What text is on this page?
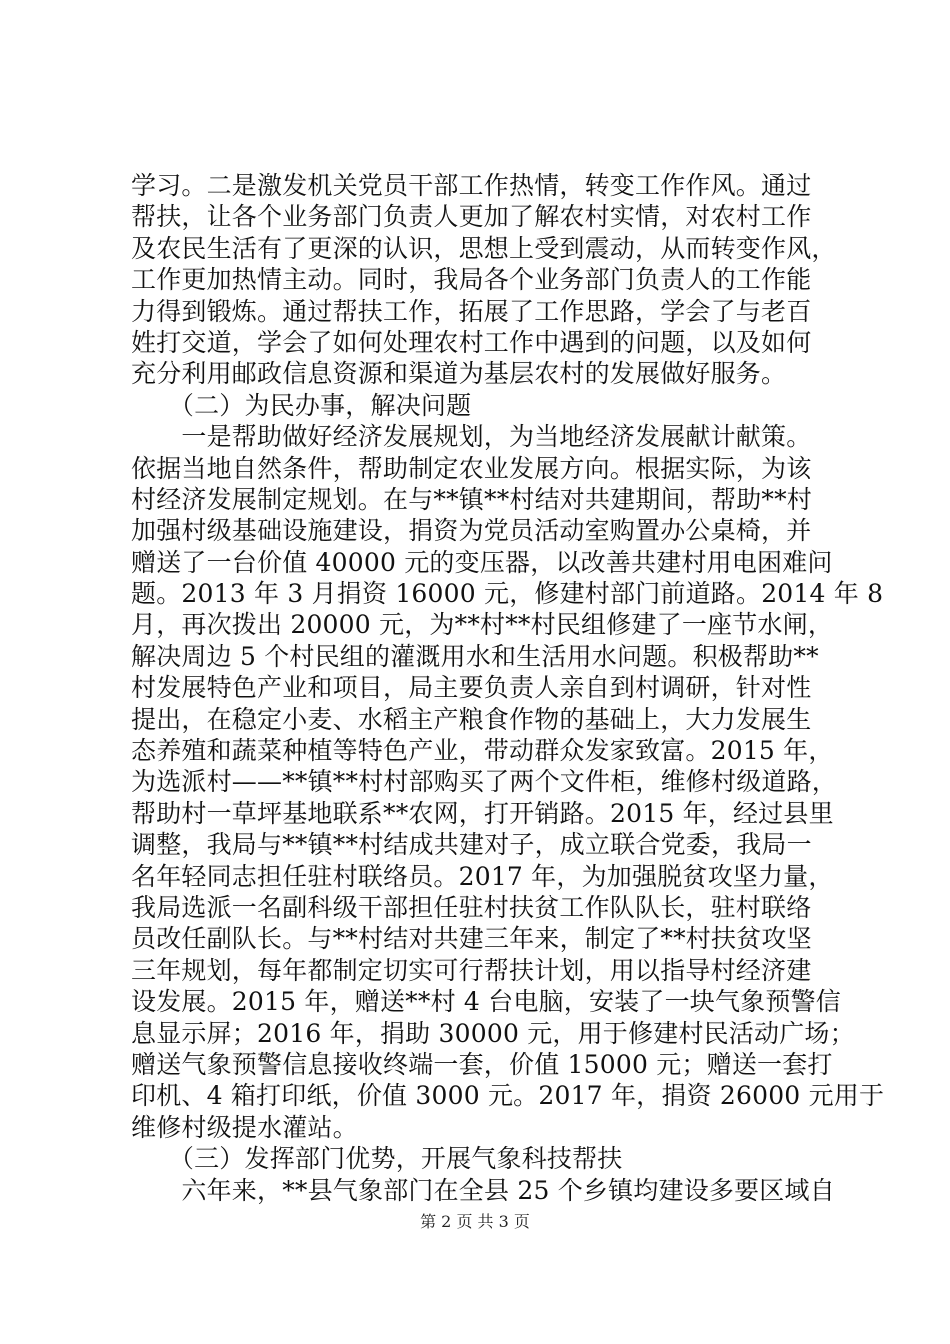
学习。二是激发机关党员干部工作热情，转变工作作风。通过
帮扶，让各个业务部门负责人更加了解农村实情，对农村工作
及农民生活有了更深的认识，思想上受到震动，从而转变作风，
工作更加热情主动。同时，我局各个业务部门负责人的工作能
力得到锻炼。通过帮扶工作，拓展了工作思路，学会了与老百
姓打交道，学会了如何处理农村工作中遇到的问题，以及如何
充分利用邮政信息资源和渠道为基层农村的发展做好服务。
　　（二）为民办事，解决问题
　　一是帮助做好经济发展规划，为当地经济发展献计献策。
依据当地自然条件，帮助制定农业发展方向。根据实际，为该
村经济发展制定规划。在与**镇**村结对共建期间，帮助**村
加强村级基础设施建设，捐资为党员活动室购置办公桌椅，并
赠送了一台价值 40000 元的变压器，以改善共建村用电困难问
题。2013 年 3 月捐资 16000 元，修建村部门前道路。2014 年 8
月，再次拨出 20000 元，为**村**村民组修建了一座节水闸，
解决周边 5 个村民组的灌溉用水和生活用水问题。积极帮助**
村发展特色产业和项目，局主要负责人亲自到村调研，针对性
提出，在稳定小麦、水稻主产粮食作物的基础上，大力发展生
态养殖和蔬菜种植等特色产业，带动群众发家致富。2015 年，
为选派村——**镇**村村部购买了两个文件柜，维修村级道路，
帮助村一草坪基地联系**农网，打开销路。2015 年，经过县里
调整，我局与**镇**村结成共建对子，成立联合党委，我局一
名年轻同志担任驻村联络员。2017 年，为加强脱贫攻坚力量，
我局选派一名副科级干部担任驻村扶贫工作队队长，驻村联络
员改任副队长。与**村结对共建三年来，制定了**村扶贫攻坚
三年规划，每年都制定切实可行帮扶计划，用以指导村经济建
设发展。2015 年，赠送**村 4 台电脑，安装了一块气象预警信
息显示屏；2016 年，捐助 30000 元，用于修建村民活动广场；
赠送气象预警信息接收终端一套，价值 15000 元；赠送一套打
印机、4 箱打印纸，价值 3000 元。2017 年，捐资 26000 元用于
维修村级提水灌站。
　　（三）发挥部门优势，开展气象科技帮扶
　　六年来，**县气象部门在全县 25 个乡镇均建设多要区域自
第 2 页 共 3 页
